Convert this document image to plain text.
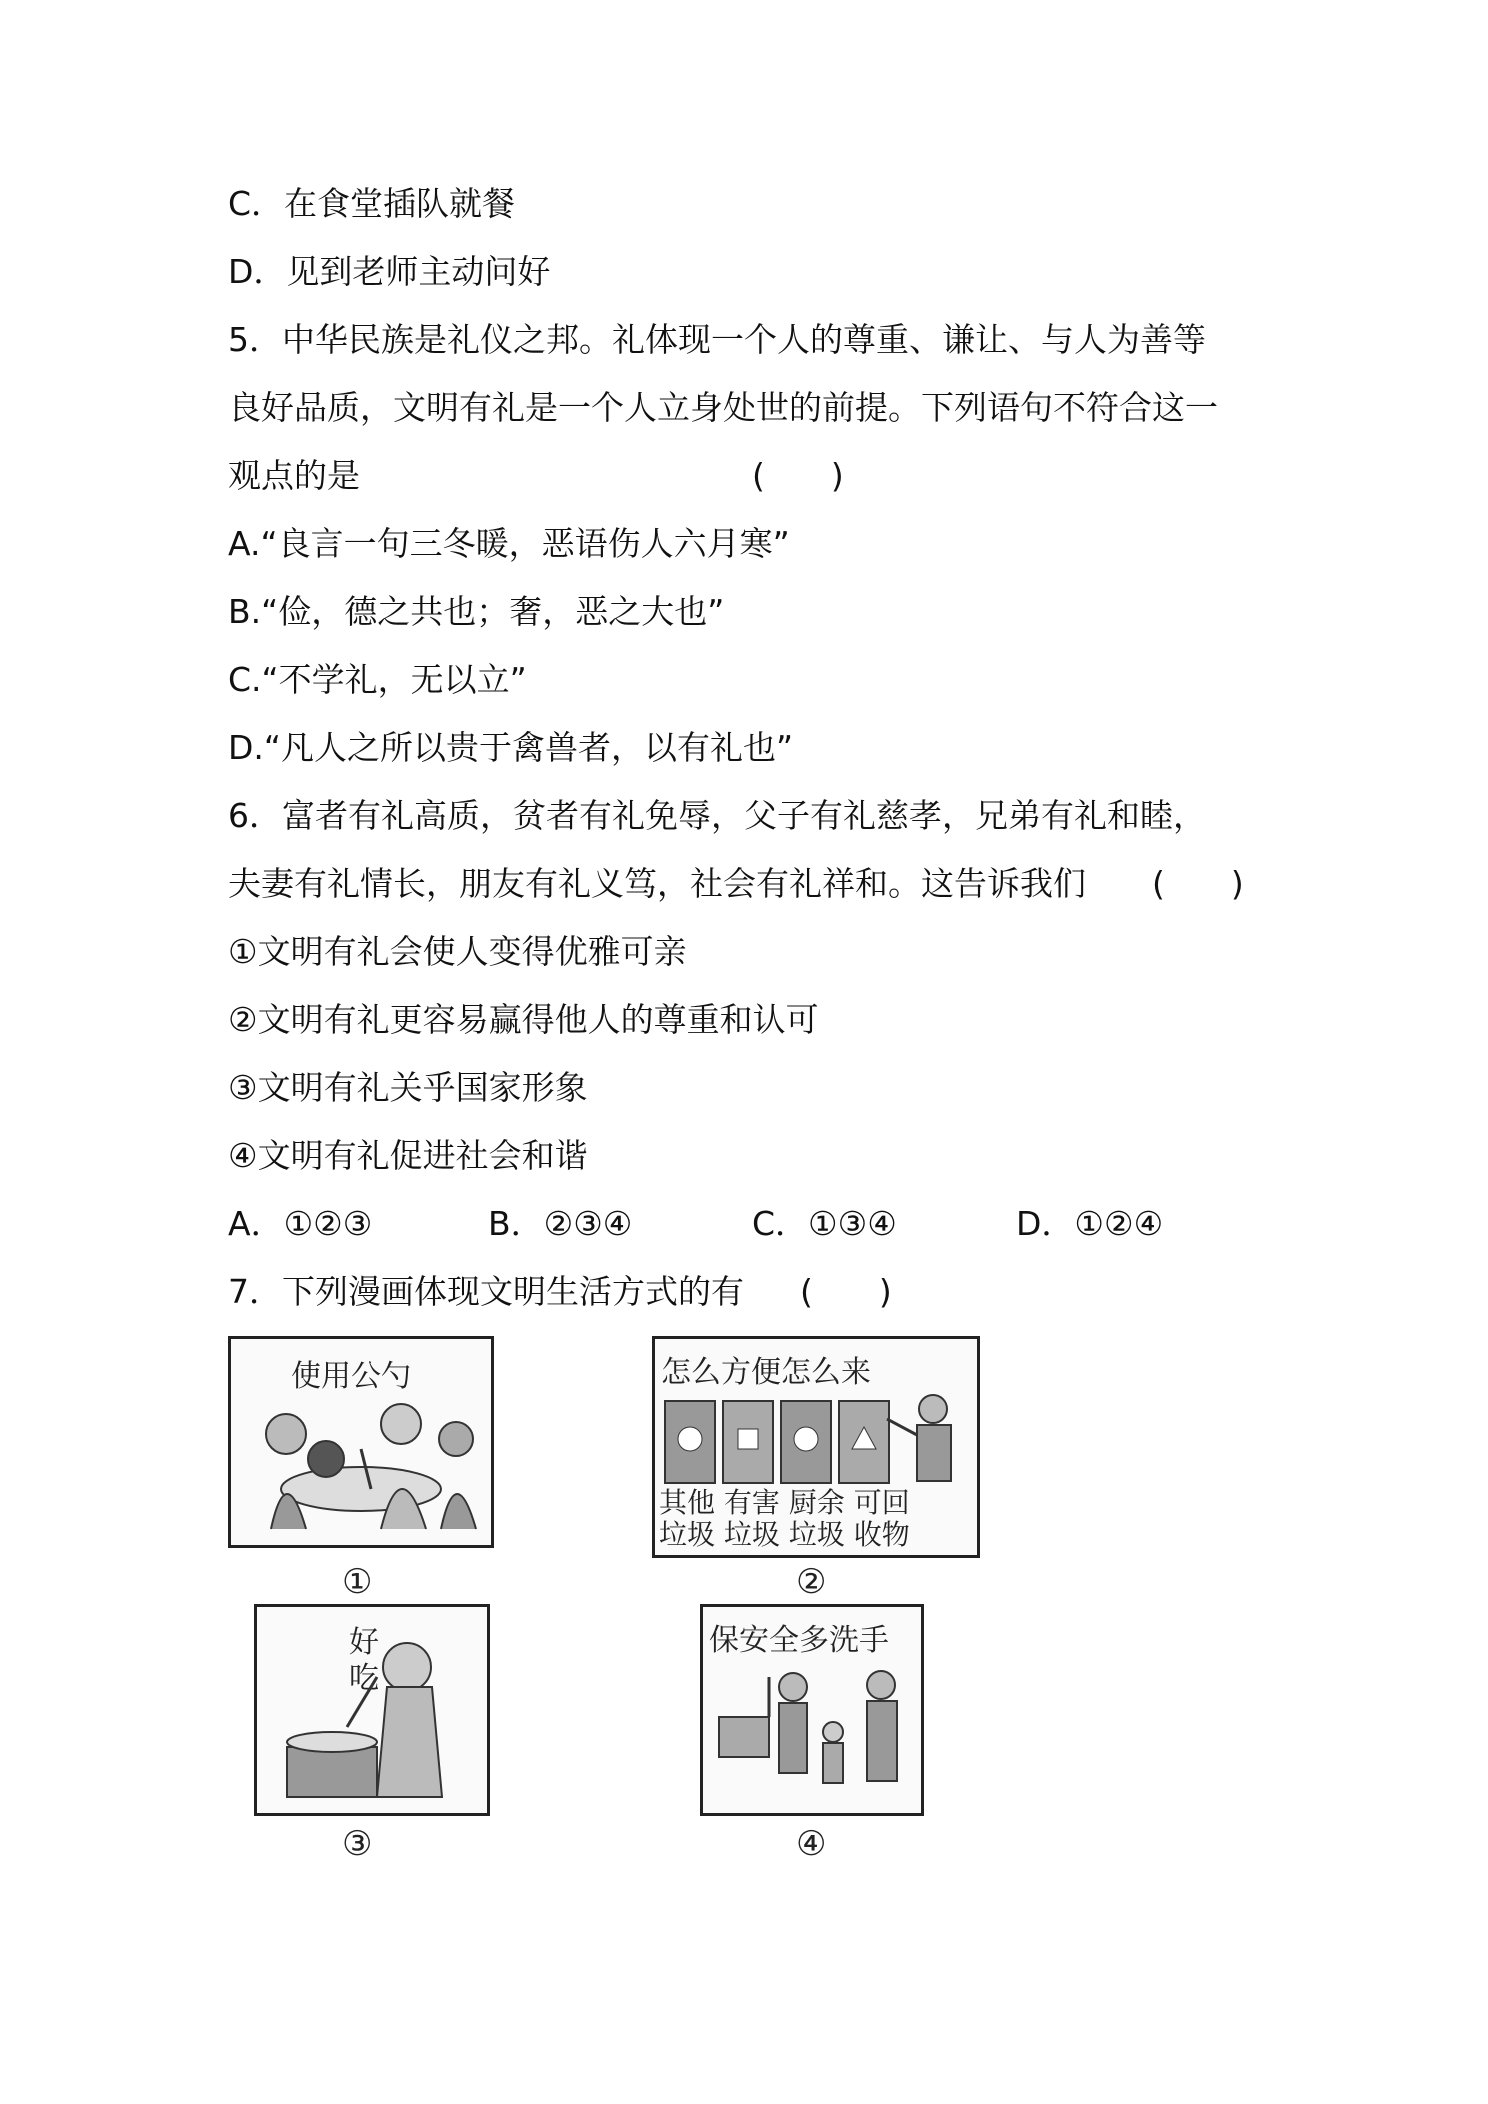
C．在食堂插队就餐
D．见到老师主动问好
5．中华民族是礼仪之邦。礼体现一个人的尊重、谦让、与人为善等
良好品质，文明有礼是一个人立身处世的前提。下列语句不符合这一
观点的是	(　　)
A.“良言一句三冬暖，恶语伤人六月寒”
B.“俭，德之共也；奢，恶之大也”
C.“不学礼，无以立”
D.“凡人之所以贵于禽兽者，以有礼也”
6．富者有礼高质，贫者有礼免辱，父子有礼慈孝，兄弟有礼和睦，
夫妻有礼情长，朋友有礼义笃，社会有礼祥和。这告诉我们 (　　)
①文明有礼会使人变得优雅可亲
②文明有礼更容易赢得他人的尊重和认可
③文明有礼关乎国家形象
④文明有礼促进社会和谐
A．①②③	B．②③④	C．①③④	D．①②④
7．下列漫画体现文明生活方式的有 (　　)
使用公勺
①
怎么方便怎么来
其他 有害 厨余 可回
垃圾 垃圾 垃圾 收物
②
好
吃
③
保安全多洗手
④
